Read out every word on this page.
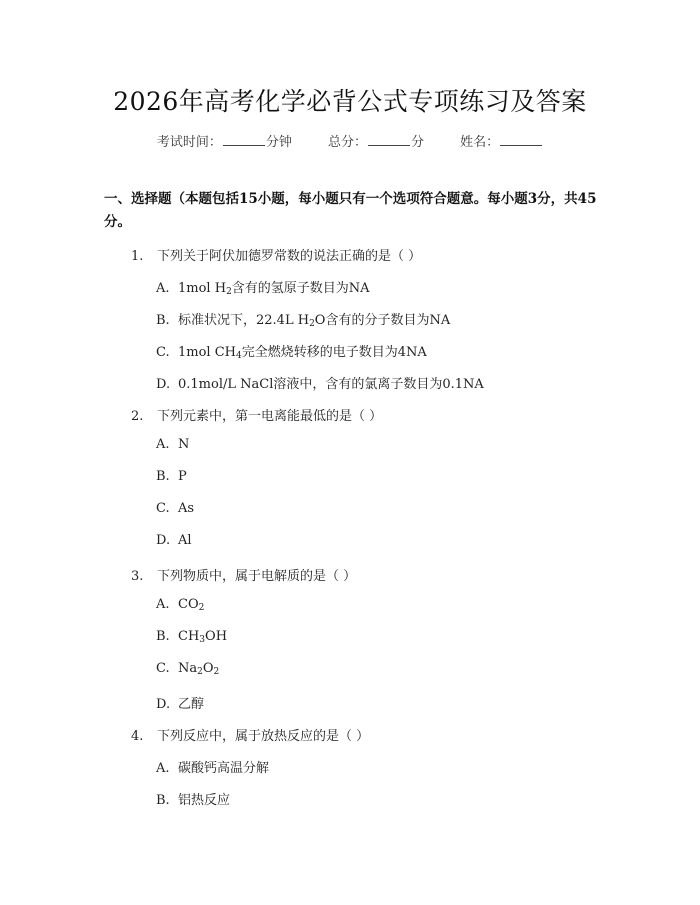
2026年高考化学必背公式专项练习及答案
考试时间：	分钟	总分：	分	姓名：
一、选择题（本题包括15小题，每小题只有一个选项符合题意。每小题3分，共45分。
1. 下列关于阿伏加德罗常数的说法正确的是（ ）
A. 1mol $H_2$含有的氢原子数目为NA
B. 标准状况下，22.4L $H_2O$含有的分子数目为NA
C. 1mol $CH_4$完全燃烧转移的电子数目为4NA
D. 0.1mol/L NaCl溶液中，含有的氯离子数目为0.1NA
2. 下列元素中，第一电离能最低的是（ ）
A. N
B. P
C. As
D. Al
3. 下列物质中，属于电解质的是（ ）
A. $CO_2$
B. $CH_3OH$
C. $Na_2O_2$
D. 乙醇
4. 下列反应中，属于放热反应的是（ ）
A. 碳酸钙高温分解
B. 铝热反应
